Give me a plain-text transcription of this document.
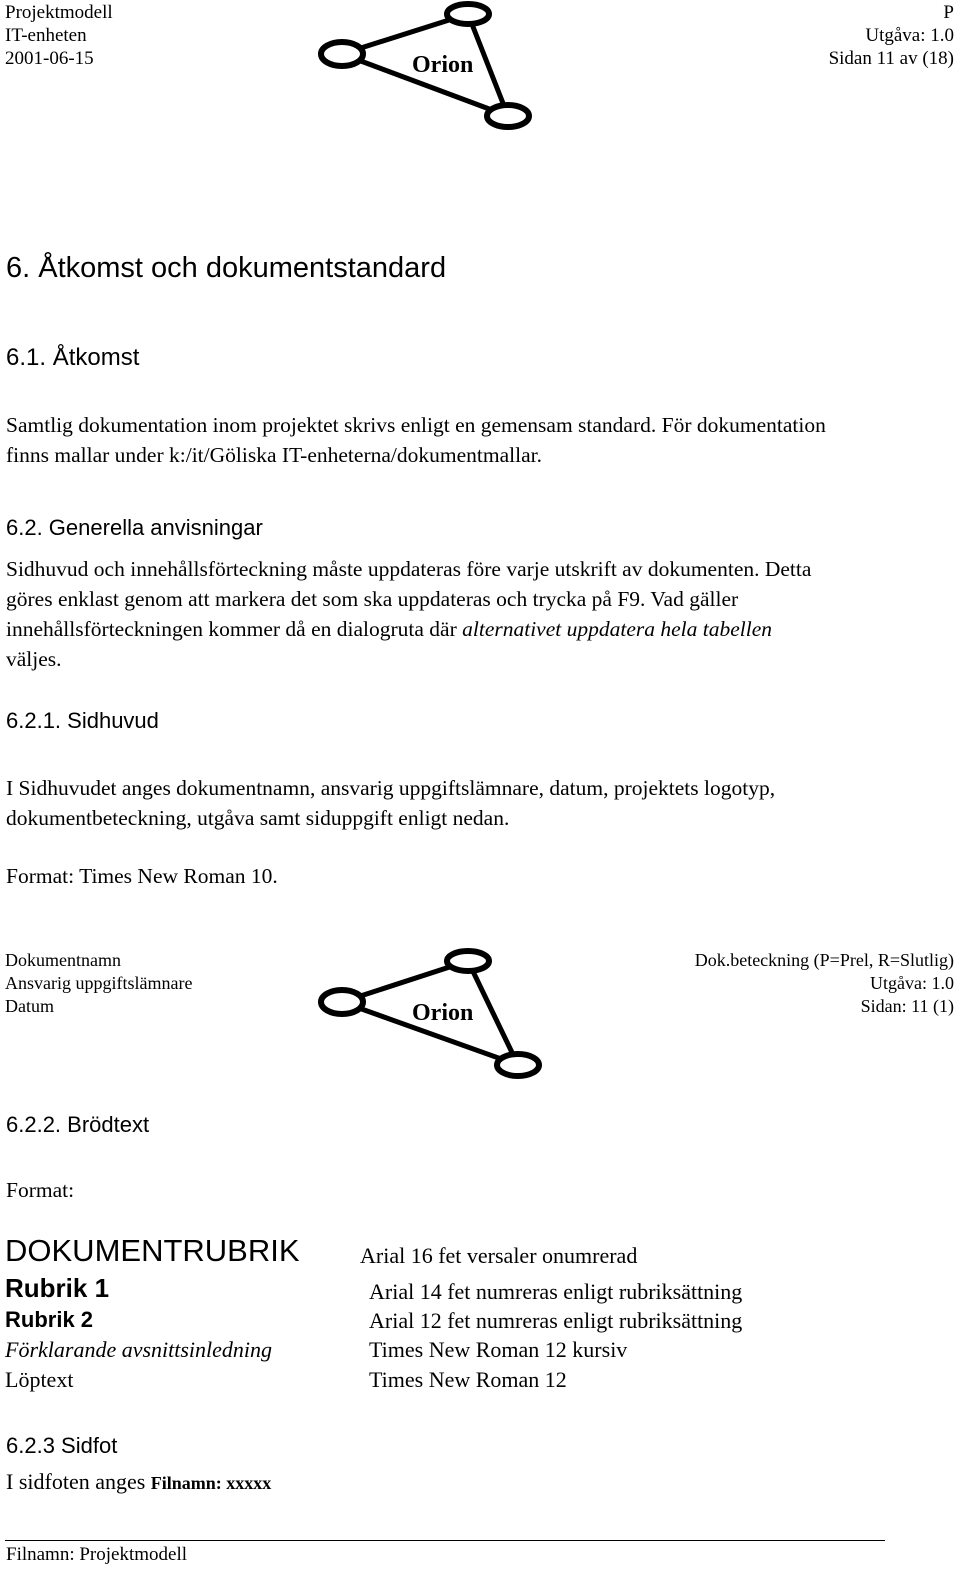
Projektmodell
IT-enheten
2001-06-15	Orion
P
Utgåva: 1.0
Sidan 11 av (18)
6. Åtkomst och dokumentstandard
6.1. Åtkomst
Samtlig dokumentation inom projektet skrivs enligt en gemensam standard. För dokumentation
finns mallar under k:/it/Göliska IT-enheterna/dokumentmallar.
6.2. Generella anvisningar
Sidhuvud och innehållsförteckning måste uppdateras före varje utskrift av dokumenten. Detta
göres enklast genom att markera det som ska uppdateras och trycka på F9. Vad gäller
innehållsförteckningen kommer då en dialogruta där alternativet uppdatera hela tabellen
väljes.
6.2.1. Sidhuvud
I Sidhuvudet anges dokumentnamn, ansvarig uppgiftslämnare, datum, projektets logotyp,
dokumentbeteckning, utgåva samt siduppgift enligt nedan.
Format: Times New Roman 10.
Dokumentnamn
Ansvarig uppgiftslämnare
Datum	Orion
Dok.beteckning (P=Prel, R=Slutlig)
Utgåva: 1.0
Sidan: 11 (1)
6.2.2. Brödtext
Format:
DOKUMENTRUBRIK	Arial 16 fet versaler onumrerad
Rubrik 1	Arial 14 fet numreras enligt rubriksättning
Rubrik 2	Arial 12 fet numreras enligt rubriksättning
Förklarande avsnittsinledning	Times New Roman 12 kursiv
Löptext	Times New Roman 12
6.2.3 Sidfot
I sidfoten anges Filnamn: xxxxx
Filnamn: Projektmodell
